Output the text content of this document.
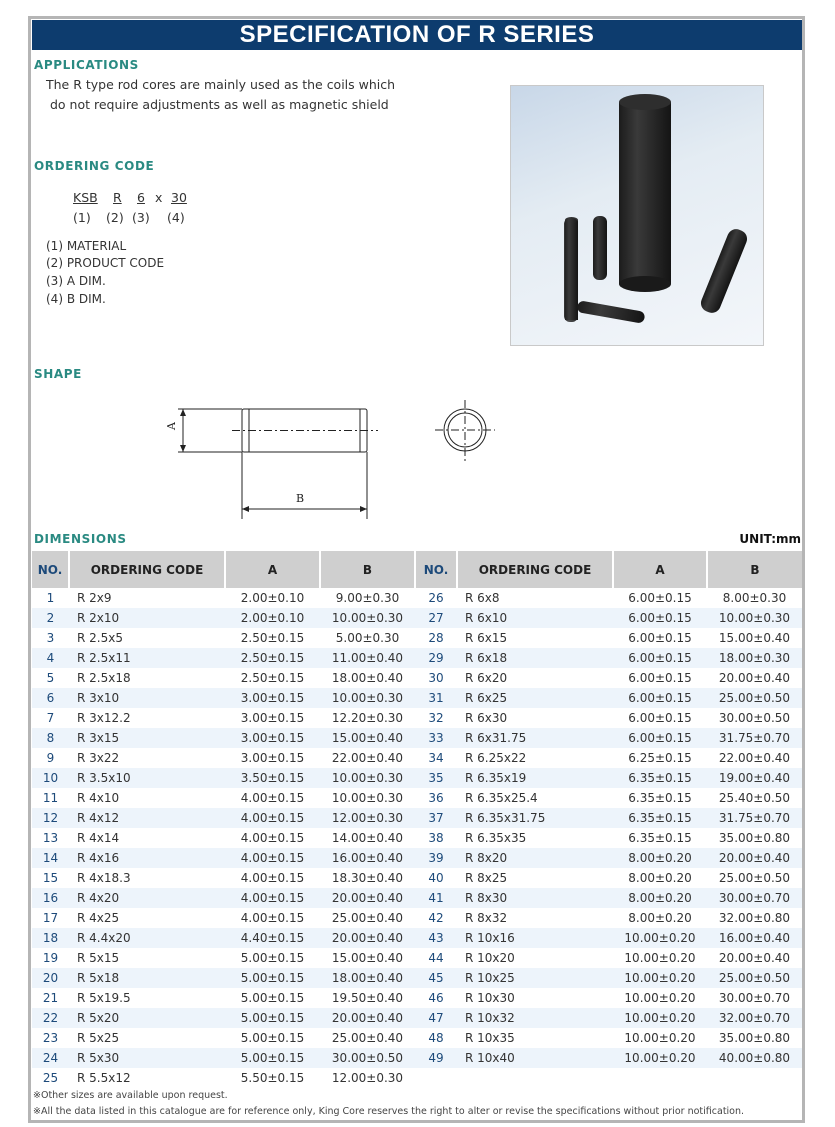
SPECIFICATION OF R SERIES
APPLICATIONS
The R type rod cores are mainly used as the coils which
do not require adjustments as well as magnetic shield
ORDERING CODE
KSB R 6 x 30
(1) (2) (3) (4)
(1) MATERIAL
(2) PRODUCT CODE
(3) A DIM.
(4) B DIM.
SHAPE
A
B
DIMENSIONS	UNIT:mm
NO.	ORDERING CODE	A	B	NO.	ORDERING CODE	A	B
1	R 2x9	2.00±0.10	9.00±0.30	26	R 6x8	6.00±0.15	8.00±0.30
2	R 2x10	2.00±0.10	10.00±0.30	27	R 6x10	6.00±0.15	10.00±0.30
3	R 2.5x5	2.50±0.15	5.00±0.30	28	R 6x15	6.00±0.15	15.00±0.40
4	R 2.5x11	2.50±0.15	11.00±0.40	29	R 6x18	6.00±0.15	18.00±0.30
5	R 2.5x18	2.50±0.15	18.00±0.40	30	R 6x20	6.00±0.15	20.00±0.40
6	R 3x10	3.00±0.15	10.00±0.30	31	R 6x25	6.00±0.15	25.00±0.50
7	R 3x12.2	3.00±0.15	12.20±0.30	32	R 6x30	6.00±0.15	30.00±0.50
8	R 3x15	3.00±0.15	15.00±0.40	33	R 6x31.75	6.00±0.15	31.75±0.70
9	R 3x22	3.00±0.15	22.00±0.40	34	R 6.25x22	6.25±0.15	22.00±0.40
10	R 3.5x10	3.50±0.15	10.00±0.30	35	R 6.35x19	6.35±0.15	19.00±0.40
11	R 4x10	4.00±0.15	10.00±0.30	36	R 6.35x25.4	6.35±0.15	25.40±0.50
12	R 4x12	4.00±0.15	12.00±0.30	37	R 6.35x31.75	6.35±0.15	31.75±0.70
13	R 4x14	4.00±0.15	14.00±0.40	38	R 6.35x35	6.35±0.15	35.00±0.80
14	R 4x16	4.00±0.15	16.00±0.40	39	R 8x20	8.00±0.20	20.00±0.40
15	R 4x18.3	4.00±0.15	18.30±0.40	40	R 8x25	8.00±0.20	25.00±0.50
16	R 4x20	4.00±0.15	20.00±0.40	41	R 8x30	8.00±0.20	30.00±0.70
17	R 4x25	4.00±0.15	25.00±0.40	42	R 8x32	8.00±0.20	32.00±0.80
18	R 4.4x20	4.40±0.15	20.00±0.40	43	R 10x16	10.00±0.20	16.00±0.40
19	R 5x15	5.00±0.15	15.00±0.40	44	R 10x20	10.00±0.20	20.00±0.40
20	R 5x18	5.00±0.15	18.00±0.40	45	R 10x25	10.00±0.20	25.00±0.50
21	R 5x19.5	5.00±0.15	19.50±0.40	46	R 10x30	10.00±0.20	30.00±0.70
22	R 5x20	5.00±0.15	20.00±0.40	47	R 10x32	10.00±0.20	32.00±0.70
23	R 5x25	5.00±0.15	25.00±0.40	48	R 10x35	10.00±0.20	35.00±0.80
24	R 5x30	5.00±0.15	30.00±0.50	49	R 10x40	10.00±0.20	40.00±0.80
25	R 5.5x12	5.50±0.15	12.00±0.30				
※Other sizes are available upon request.
※All the data listed in this catalogue are for reference only, King Core reserves the right to alter or revise the specifications without prior notification.
